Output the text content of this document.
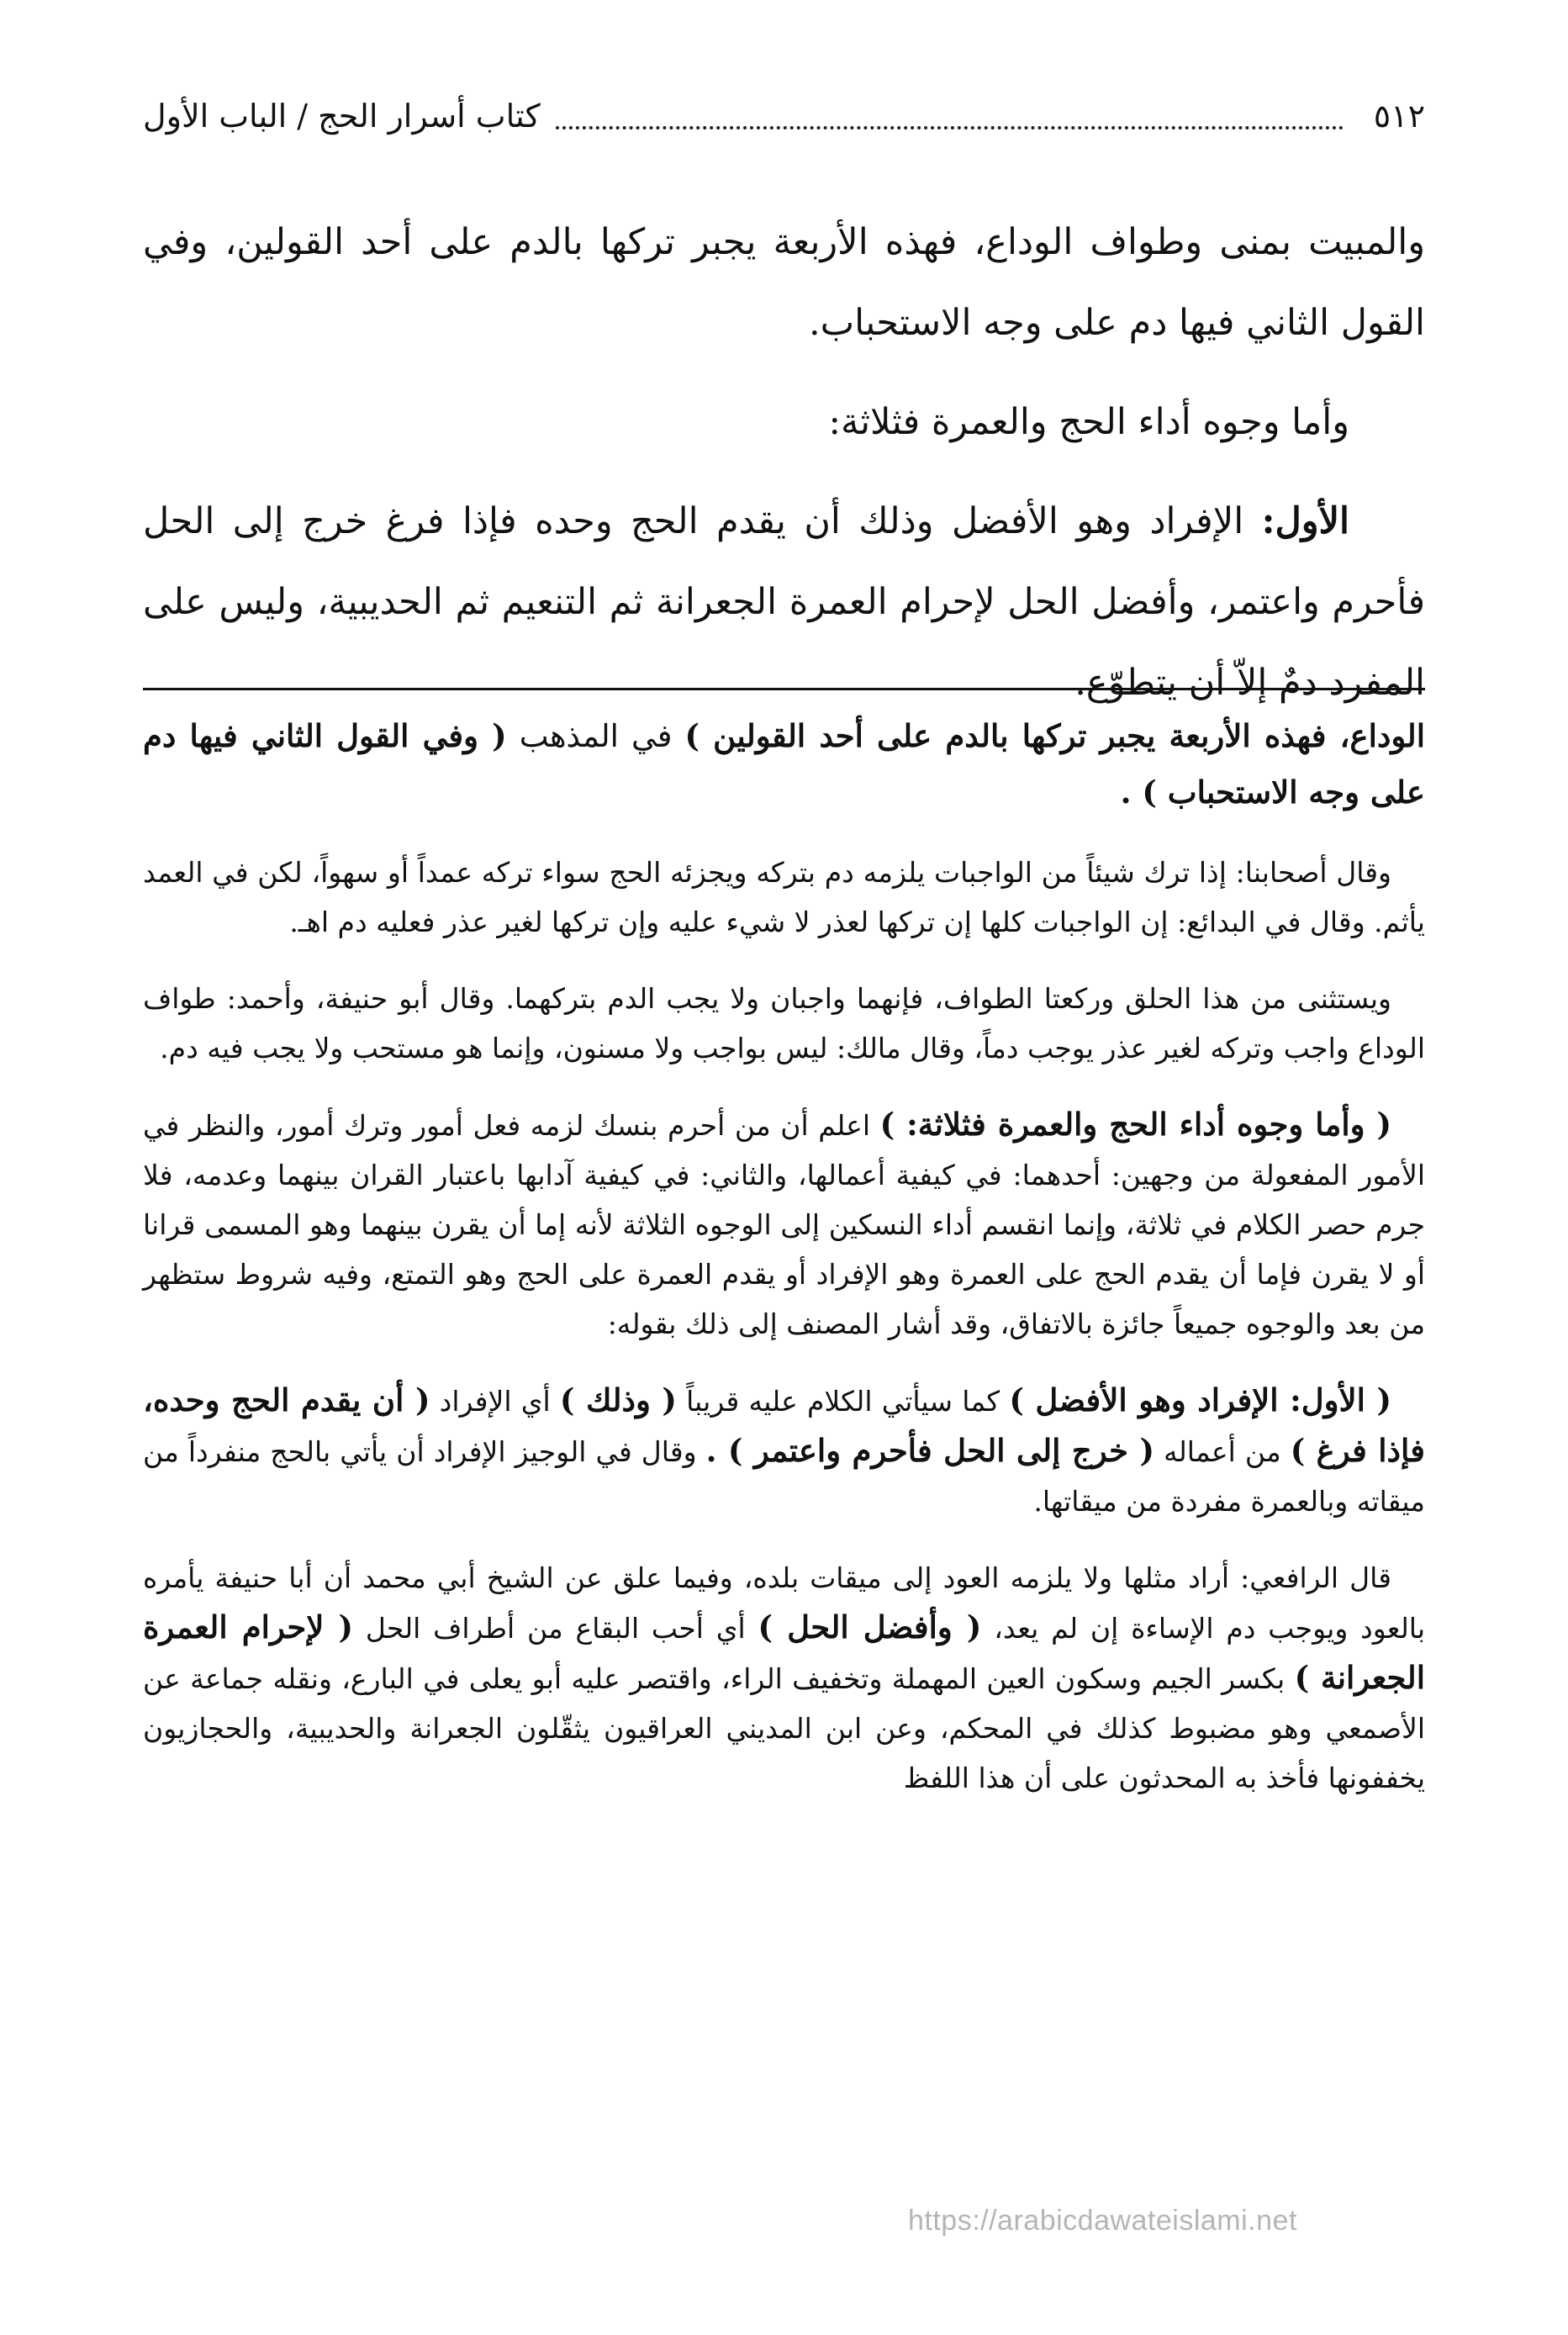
٥١٢
كتاب أسرار الحج / الباب الأول

والمبيت بمنى وطواف الوداع، فهذه الأربعة يجبر تركها بالدم على أحد القولين، وفي القول الثاني فيها دم على وجه الاستحباب.

وأما وجوه أداء الحج والعمرة فثلاثة:

الأول: الإفراد وهو الأفضل وذلك أن يقدم الحج وحده فإذا فرغ خرج إلى الحل فأحرم واعتمر، وأفضل الحل لإحرام العمرة الجعرانة ثم التنعيم ثم الحديبية، وليس على المفرد دمٌ إلاّ أن يتطوّع.

الوداع، فهذه الأربعة يجبر تركها بالدم على أحد القولين ) في المذهب ( وفي القول الثاني فيها دم على وجه الاستحباب ) .

وقال أصحابنا: إذا ترك شيئاً من الواجبات يلزمه دم بتركه ويجزئه الحج سواء تركه عمداً أو سهواً، لكن في العمد يأثم. وقال في البدائع: إن الواجبات كلها إن تركها لعذر لا شيء عليه وإن تركها لغير عذر فعليه دم اهـ.

ويستثنى من هذا الحلق وركعتا الطواف، فإنهما واجبان ولا يجب الدم بتركهما. وقال أبو حنيفة، وأحمد: طواف الوداع واجب وتركه لغير عذر يوجب دماً، وقال مالك: ليس بواجب ولا مسنون، وإنما هو مستحب ولا يجب فيه دم.

( وأما وجوه أداء الحج والعمرة فثلاثة: ) اعلم أن من أحرم بنسك لزمه فعل أمور وترك أمور، والنظر في الأمور المفعولة من وجهين: أحدهما: في كيفية أعمالها، والثاني: في كيفية آدابها باعتبار القران بينهما وعدمه، فلا جرم حصر الكلام في ثلاثة، وإنما انقسم أداء النسكين إلى الوجوه الثلاثة لأنه إما أن يقرن بينهما وهو المسمى قرانا أو لا يقرن فإما أن يقدم الحج على العمرة وهو الإفراد أو يقدم العمرة على الحج وهو التمتع، وفيه شروط ستظهر من بعد والوجوه جميعاً جائزة بالاتفاق، وقد أشار المصنف إلى ذلك بقوله:

( الأول: الإفراد وهو الأفضل ) كما سيأتي الكلام عليه قريباً ( وذلك ) أي الإفراد ( أن يقدم الحج وحده، فإذا فرغ ) من أعماله ( خرج إلى الحل فأحرم واعتمر ) . وقال في الوجيز الإفراد أن يأتي بالحج منفرداً من ميقاته وبالعمرة مفردة من ميقاتها.

قال الرافعي: أراد مثلها ولا يلزمه العود إلى ميقات بلده، وفيما علق عن الشيخ أبي محمد أن أبا حنيفة يأمره بالعود ويوجب دم الإساءة إن لم يعد، ( وأفضل الحل ) أي أحب البقاع من أطراف الحل ( لإحرام العمرة الجعرانة ) بكسر الجيم وسكون العين المهملة وتخفيف الراء، واقتصر عليه أبو يعلى في البارع، ونقله جماعة عن الأصمعي وهو مضبوط كذلك في المحكم، وعن ابن المديني العراقيون يثقّلون الجعرانة والحديبية، والحجازيون يخففونها فأخذ به المحدثون على أن هذا اللفظ

https://arabicdawateislami.net
